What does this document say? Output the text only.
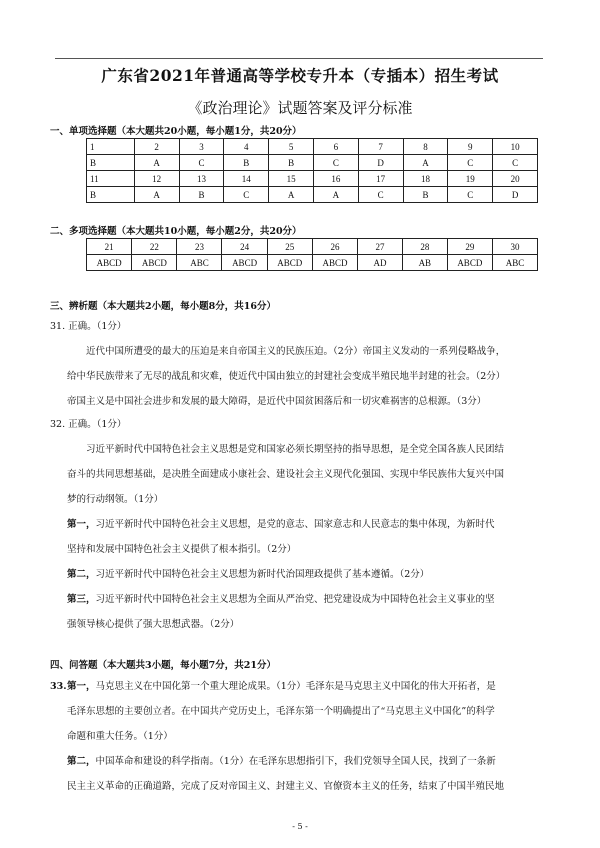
广东省2021年普通高等学校专升本（专插本）招生考试
《政治理论》试题答案及评分标准
一、单项选择题（本大题共20小题，每小题1分，共20分）
1	2	3	4	5	6	7	8	9	10
B	A	C	B	B	C	D	A	C	C
11	12	13	14	15	16	17	18	19	20
B	A	B	C	A	A	C	B	C	D
二、多项选择题（本大题共10小题，每小题2分，共20分）
21	22	23	24	25	26	27	28	29	30
ABCD	ABCD	ABC	ABCD	ABCD	ABCD	AD	AB	ABCD	ABC
三、辨析题（本大题共2小题，每小题8分，共16分）
31. 正确。（1分）
近代中国所遭受的最大的压迫是来自帝国主义的民族压迫。（2分）帝国主义发动的一系列侵略战争，
给中华民族带来了无尽的战乱和灾难，使近代中国由独立的封建社会变成半殖民地半封建的社会。（2分）
帝国主义是中国社会进步和发展的最大障碍，是近代中国贫困落后和一切灾难祸害的总根源。（3分）
32. 正确。（1分）
习近平新时代中国特色社会主义思想是党和国家必须长期坚持的指导思想，是全党全国各族人民团结
奋斗的共同思想基础，是决胜全面建成小康社会、建设社会主义现代化强国、实现中华民族伟大复兴中国
梦的行动纲领。（1分）
第一，习近平新时代中国特色社会主义思想，是党的意志、国家意志和人民意志的集中体现，为新时代
坚持和发展中国特色社会主义提供了根本指引。（2分）
第二，习近平新时代中国特色社会主义思想为新时代治国理政提供了基本遵循。（2分）
第三，习近平新时代中国特色社会主义思想为全面从严治党、把党建设成为中国特色社会主义事业的坚
强领导核心提供了强大思想武器。（2分）
四、问答题（本大题共3小题，每小题7分，共21分）
33. 第一，马克思主义在中国化第一个重大理论成果。（1分）毛泽东是马克思主义中国化的伟大开拓者，是
毛泽东思想的主要创立者。在中国共产党历史上，毛泽东第一个明确提出了“马克思主义中国化”的科学
命题和重大任务。（1分）
第二，中国革命和建设的科学指南。（1分）在毛泽东思想指引下，我们党领导全国人民，找到了一条新
民主主义革命的正确道路，完成了反对帝国主义、封建主义、官僚资本主义的任务，结束了中国半殖民地
- 5 -
